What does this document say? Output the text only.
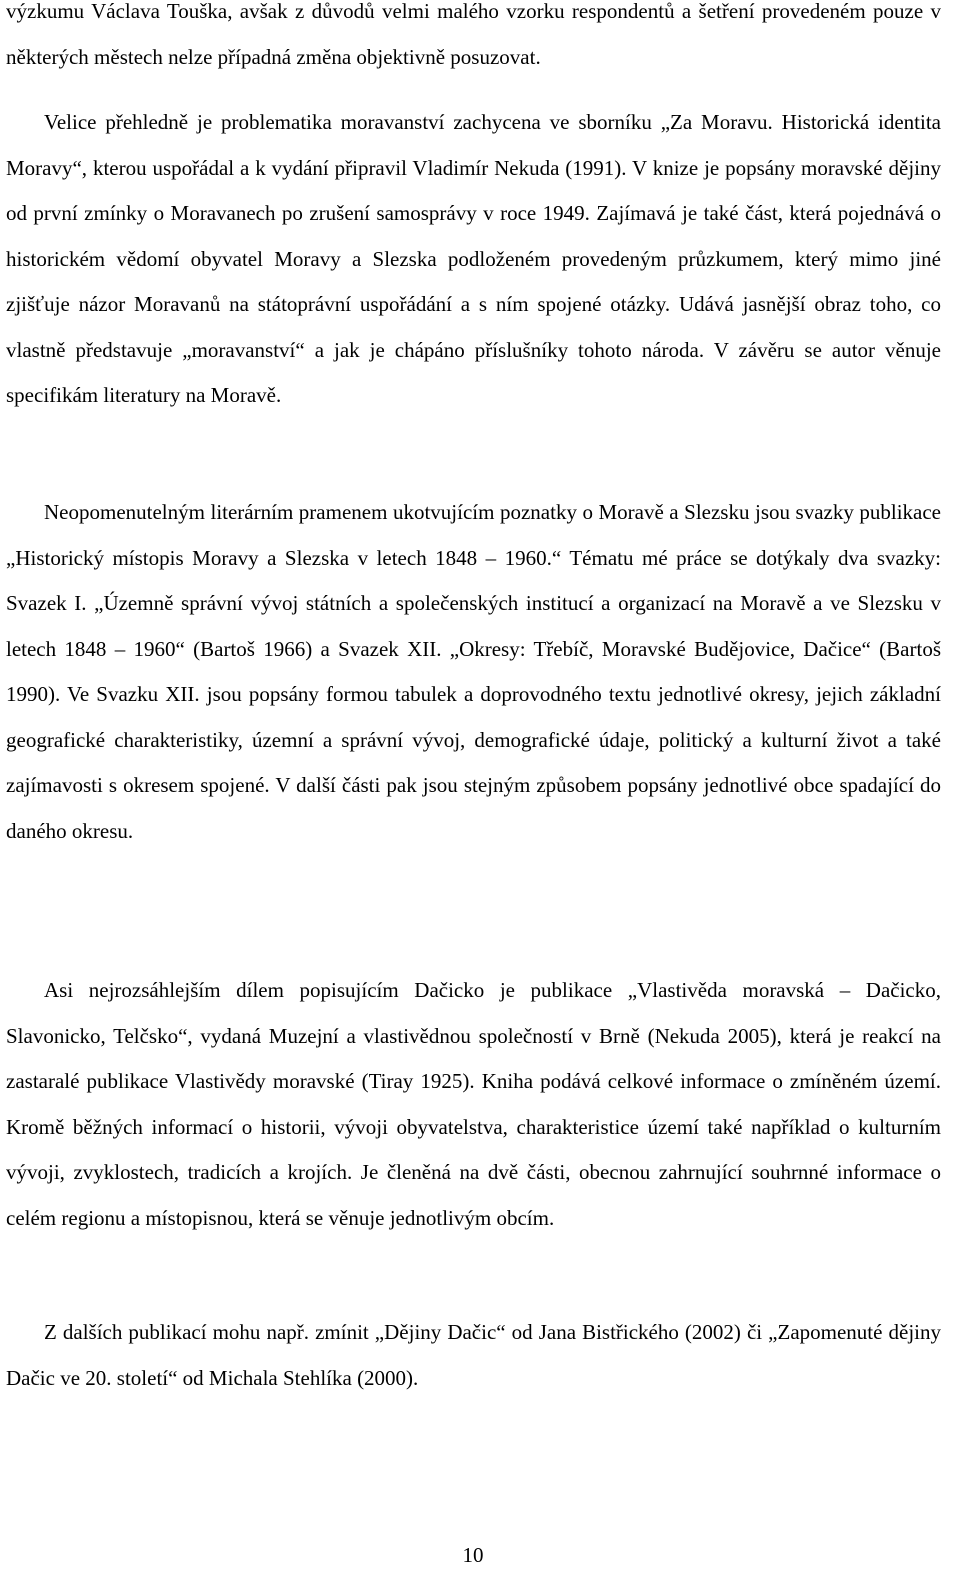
výzkumu Václava Touška, avšak z důvodů velmi malého vzorku respondentů a šetření provedeném pouze v některých městech nelze případná změna objektivně posuzovat.

Velice přehledně je problematika moravanství zachycena ve sborníku „Za Moravu. Historická identita Moravy“, kterou uspořádal a k vydání připravil Vladimír Nekuda (1991). V knize je popsány moravské dějiny od první zmínky o Moravanech po zrušení samosprávy v roce 1949. Zajímavá je také část, která pojednává o historickém vědomí obyvatel Moravy a Slezska podloženém provedeným průzkumem, který mimo jiné zjišťuje názor Moravanů na státoprávní uspořádání a s ním spojené otázky. Udává jasnější obraz toho, co vlastně představuje „moravanství“ a jak je chápáno příslušníky tohoto národa. V závěru se autor věnuje specifikám literatury na Moravě.

Neopomenutelným literárním pramenem ukotvujícím poznatky o Moravě a Slezsku jsou svazky publikace „Historický místopis Moravy a Slezska v letech 1848 – 1960.“ Tématu mé práce se dotýkaly dva svazky: Svazek I. „Územně správní vývoj státních a společenských institucí a organizací na Moravě a ve Slezsku v letech 1848 – 1960“ (Bartoš 1966) a Svazek XII. „Okresy: Třebíč, Moravské Budějovice, Dačice“ (Bartoš 1990). Ve Svazku XII. jsou popsány formou tabulek a doprovodného textu jednotlivé okresy, jejich základní geografické charakteristiky, územní a správní vývoj, demografické údaje, politický a kulturní život a také zajímavosti s okresem spojené. V další části pak jsou stejným způsobem popsány jednotlivé obce spadající do daného okresu.

Asi nejrozsáhlejším dílem popisujícím Dačicko je publikace „Vlastivěda moravská – Dačicko, Slavonicko, Telčsko“, vydaná Muzejní a vlastivědnou společností v Brně (Nekuda 2005), která je reakcí na zastaralé publikace Vlastivědy moravské (Tiray 1925). Kniha podává celkové informace o zmíněném území. Kromě běžných informací o historii, vývoji obyvatelstva, charakteristice území také například o kulturním vývoji, zvyklostech, tradicích a krojích. Je členěná na dvě části, obecnou zahrnující souhrnné informace o celém regionu a místopisnou, která se věnuje jednotlivým obcím.

Z dalších publikací mohu např. zmínit „Dějiny Dačic“ od Jana Bistřického (2002) či „Zapomenuté dějiny Dačic ve 20. století“ od Michala Stehlíka (2000).

10
